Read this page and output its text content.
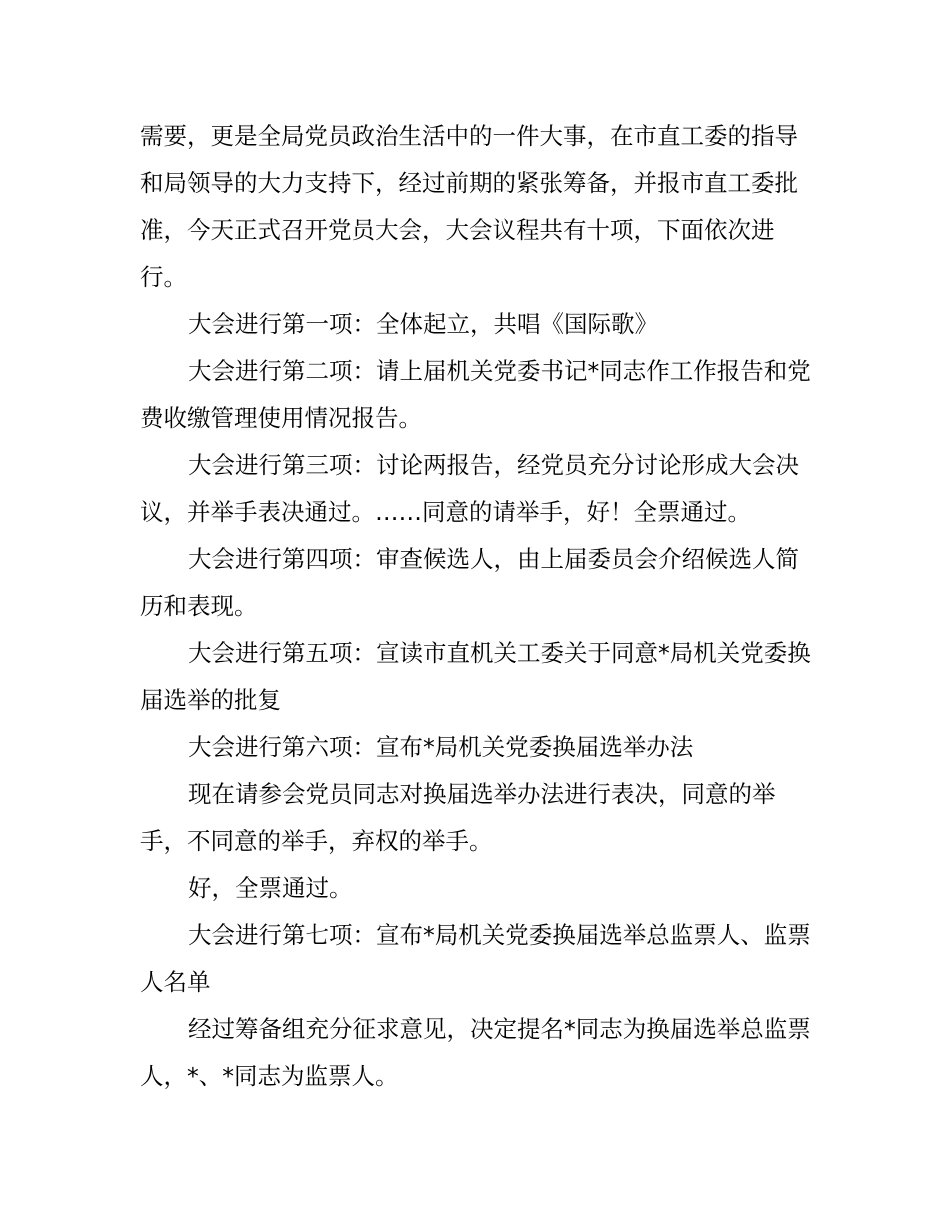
需要，更是全局党员政治生活中的一件大事，在市直工委的指导和局领导的大力支持下，经过前期的紧张筹备，并报市直工委批准，今天正式召开党员大会，大会议程共有十项，下面依次进行。

大会进行第一项：全体起立，共唱《国际歌》

大会进行第二项：请上届机关党委书记*同志作工作报告和党费收缴管理使用情况报告。

大会进行第三项：讨论两报告，经党员充分讨论形成大会决议，并举手表决通过。……同意的请举手，好！全票通过。

大会进行第四项：审查候选人，由上届委员会介绍候选人简历和表现。

大会进行第五项：宣读市直机关工委关于同意*局机关党委换届选举的批复

大会进行第六项：宣布*局机关党委换届选举办法

现在请参会党员同志对换届选举办法进行表决，同意的举手，不同意的举手，弃权的举手。

好，全票通过。

大会进行第七项：宣布*局机关党委换届选举总监票人、监票人名单

经过筹备组充分征求意见，决定提名*同志为换届选举总监票人，*、*同志为监票人。
